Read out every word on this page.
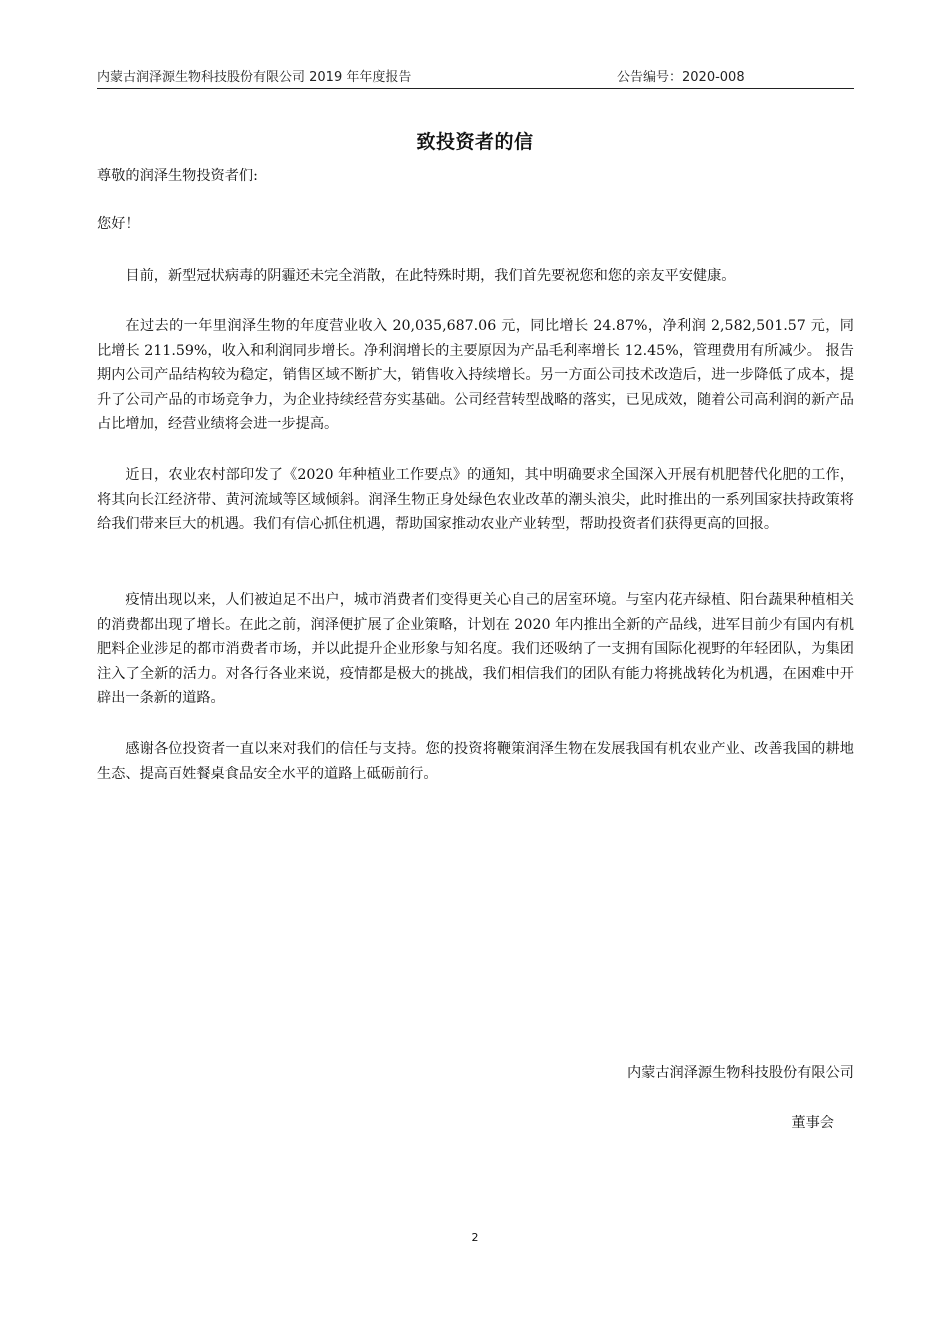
内蒙古润泽源生物科技股份有限公司 2019 年年度报告	公告编号：2020-008
致投资者的信
尊敬的润泽生物投资者们:
您好！
目前，新型冠状病毒的阴霾还未完全消散，在此特殊时期，我们首先要祝您和您的亲友平安健康。
在过去的一年里润泽生物的年度营业收入 20,035,687.06 元，同比增长 24.87%，净利润 2,582,501.57 元，同比增长 211.59%，收入和利润同步增长。净利润增长的主要原因为产品毛利率增长 12.45%，管理费用有所减少。 报告期内公司产品结构较为稳定，销售区域不断扩大，销售收入持续增长。另一方面公司技术改造后，进一步降低了成本，提升了公司产品的市场竞争力，为企业持续经营夯实基础。公司经营转型战略的落实，已见成效，随着公司高利润的新产品占比增加，经营业绩将会进一步提高。
近日，农业农村部印发了《2020 年种植业工作要点》的通知，其中明确要求全国深入开展有机肥替代化肥的工作，将其向长江经济带、黄河流域等区域倾斜。润泽生物正身处绿色农业改革的潮头浪尖，此时推出的一系列国家扶持政策将给我们带来巨大的机遇。我们有信心抓住机遇，帮助国家推动农业产业转型，帮助投资者们获得更高的回报。
疫情出现以来，人们被迫足不出户，城市消费者们变得更关心自己的居室环境。与室内花卉绿植、阳台蔬果种植相关的消费都出现了增长。在此之前，润泽便扩展了企业策略，计划在 2020 年内推出全新的产品线，进军目前少有国内有机肥料企业涉足的都市消费者市场，并以此提升企业形象与知名度。我们还吸纳了一支拥有国际化视野的年轻团队，为集团注入了全新的活力。对各行各业来说，疫情都是极大的挑战，我们相信我们的团队有能力将挑战转化为机遇，在困难中开辟出一条新的道路。
感谢各位投资者一直以来对我们的信任与支持。您的投资将鞭策润泽生物在发展我国有机农业产业、改善我国的耕地生态、提高百姓餐桌食品安全水平的道路上砥砺前行。
内蒙古润泽源生物科技股份有限公司
董事会
2
